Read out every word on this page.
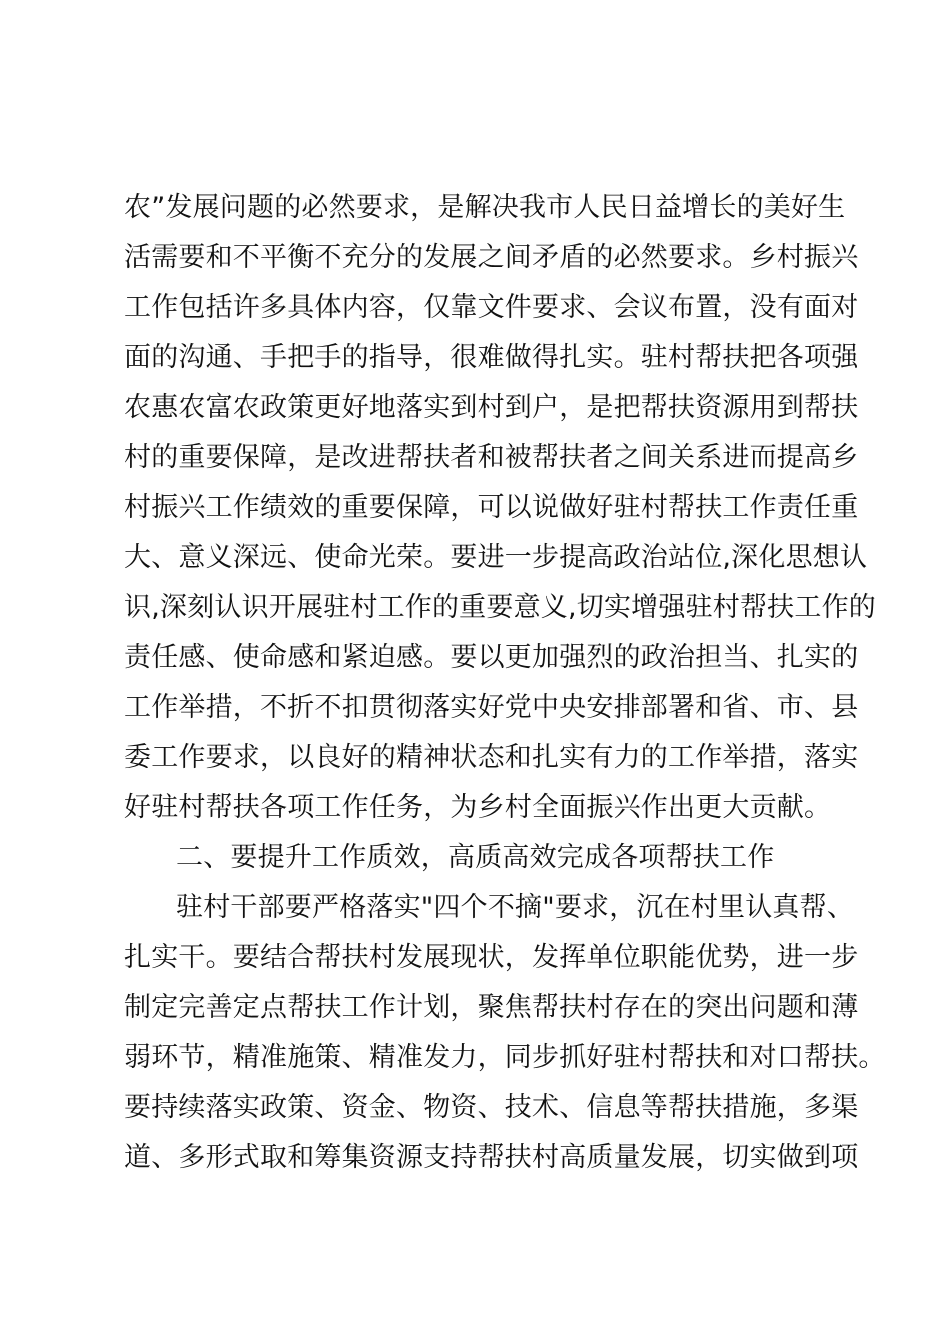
农”发展问题的必然要求，是解决我市人民日益增长的美好生
活需要和不平衡不充分的发展之间矛盾的必然要求。乡村振兴
工作包括许多具体内容，仅靠文件要求、会议布置，没有面对
面的沟通、手把手的指导，很难做得扎实。驻村帮扶把各项强
农惠农富农政策更好地落实到村到户，是把帮扶资源用到帮扶
村的重要保障，是改进帮扶者和被帮扶者之间关系进而提高乡
村振兴工作绩效的重要保障，可以说做好驻村帮扶工作责任重
大、意义深远、使命光荣。要进一步提高政治站位,深化思想认
识,深刻认识开展驻村工作的重要意义,切实增强驻村帮扶工作的
责任感、使命感和紧迫感。要以更加强烈的政治担当、扎实的
工作举措，不折不扣贯彻落实好党中央安排部署和省、市、县
委工作要求，以良好的精神状态和扎实有力的工作举措，落实
好驻村帮扶各项工作任务，为乡村全面振兴作出更大贡献。
二、要提升工作质效，高质高效完成各项帮扶工作
驻村干部要严格落实"四个不摘"要求，沉在村里认真帮、
扎实干。要结合帮扶村发展现状，发挥单位职能优势，进一步
制定完善定点帮扶工作计划，聚焦帮扶村存在的突出问题和薄
弱环节，精准施策、精准发力，同步抓好驻村帮扶和对口帮扶。
要持续落实政策、资金、物资、技术、信息等帮扶措施，多渠
道、多形式取和筹集资源支持帮扶村高质量发展，切实做到项
